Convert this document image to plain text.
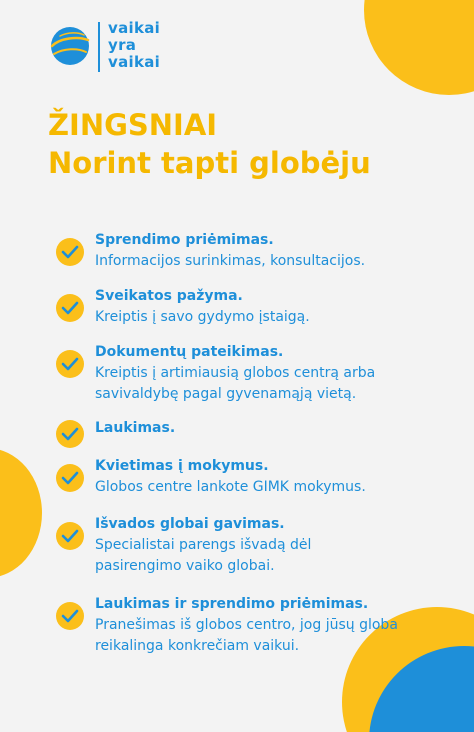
vaikai
yra
vaikai
ŽINGSNIAI
Norint tapti globėju
Sprendimo priėmimas.
Informacijos surinkimas, konsultacijos.
Sveikatos pažyma.
Kreiptis į savo gydymo įstaigą.
Dokumentų pateikimas.
Kreiptis į artimiausią globos centrą arba
savivaldybę pagal gyvenamąją vietą.
Laukimas.
Kvietimas į mokymus.
Globos centre lankote GIMK mokymus.
Išvados globai gavimas.
Specialistai parengs išvadą dėl
pasirengimo vaiko globai.
Laukimas ir sprendimo priėmimas.
Pranešimas iš globos centro, jog jūsų globa
reikalinga konkrečiam vaikui.
